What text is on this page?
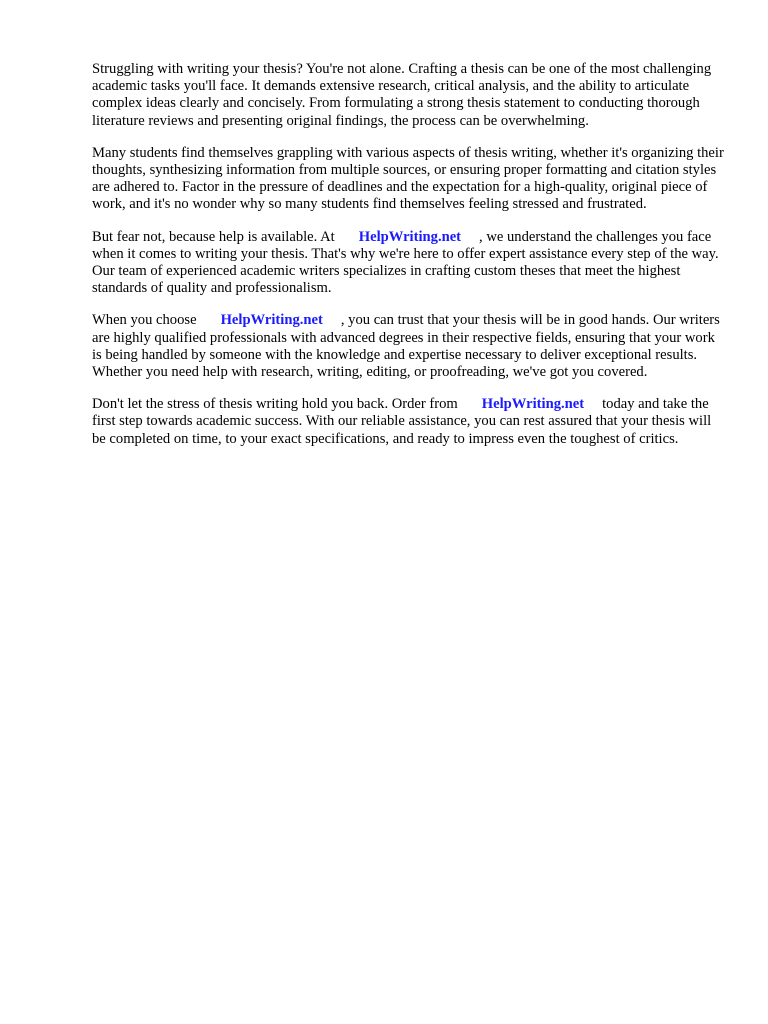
Struggling with writing your thesis? You're not alone. Crafting a thesis can be one of the most challenging academic tasks you'll face. It demands extensive research, critical analysis, and the ability to articulate complex ideas clearly and concisely. From formulating a strong thesis statement to conducting thorough literature reviews and presenting original findings, the process can be overwhelming.

Many students find themselves grappling with various aspects of thesis writing, whether it's organizing their thoughts, synthesizing information from multiple sources, or ensuring proper formatting and citation styles are adhered to. Factor in the pressure of deadlines and the expectation for a high-quality, original piece of work, and it's no wonder why so many students find themselves feeling stressed and frustrated.

But fear not, because help is available. At HelpWriting.net , we understand the challenges you face when it comes to writing your thesis. That's why we're here to offer expert assistance every step of the way. Our team of experienced academic writers specializes in crafting custom theses that meet the highest standards of quality and professionalism.

When you choose HelpWriting.net , you can trust that your thesis will be in good hands. Our writers are highly qualified professionals with advanced degrees in their respective fields, ensuring that your work is being handled by someone with the knowledge and expertise necessary to deliver exceptional results. Whether you need help with research, writing, editing, or proofreading, we've got you covered.

Don't let the stress of thesis writing hold you back. Order from HelpWriting.net today and take the first step towards academic success. With our reliable assistance, you can rest assured that your thesis will be completed on time, to your exact specifications, and ready to impress even the toughest of critics.
